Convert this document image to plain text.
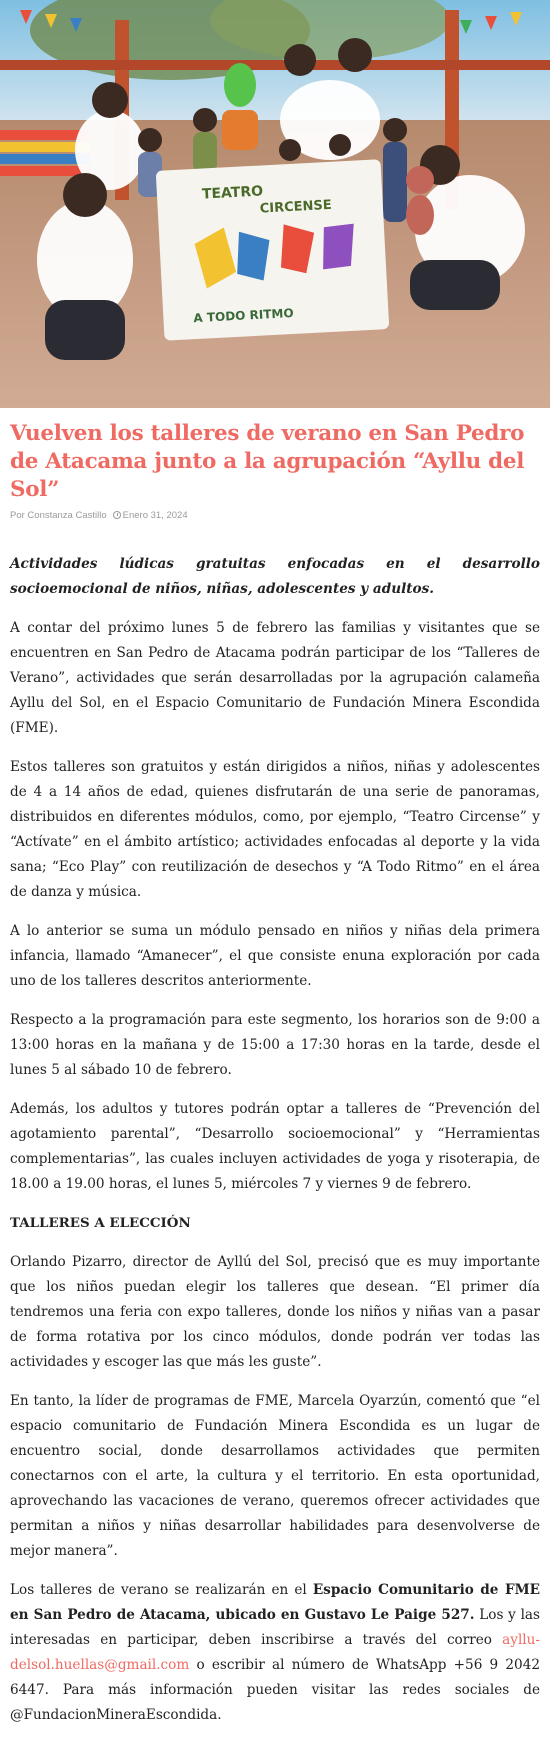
TEATRO
CIRCENSE
A TODO RITMO
Vuelven los talleres de verano en San Pedro de Atacama junto a la agrupación “Ayllu del Sol”
Por Constanza Castillo	Enero 31, 2024

Actividades lúdicas gratuitas enfocadas en el desarrollo socioemocional de niños, niñas, adolescentes y adultos.

A contar del próximo lunes 5 de febrero las familias y visitantes que se encuentren en San Pedro de Atacama podrán participar de los “Talleres de Verano”, actividades que serán desarrolladas por la agrupación calameña Ayllu del Sol, en el Espacio Comunitario de Fundación Minera Escondida (FME).

Estos talleres son gratuitos y están dirigidos a niños, niñas y adolescentes de 4 a 14 años de edad, quienes disfrutarán de una serie de panoramas, distribuidos en diferentes módulos, como, por ejemplo, “Teatro Circense” y “Actívate” en el ámbito artístico; actividades enfocadas al deporte y la vida sana; “Eco Play” con reutilización de desechos y “A Todo Ritmo” en el área de danza y música.

A lo anterior se suma un módulo pensado en niños y niñas dela primera infancia, llamado “Amanecer”, el que consiste enuna exploración por cada uno de los talleres descritos anteriormente.

Respecto a la programación para este segmento, los horarios son de 9:00 a 13:00 horas en la mañana y de 15:00 a 17:30 horas en la tarde, desde el lunes 5 al sábado 10 de febrero.

Además, los adultos y tutores podrán optar a talleres de “Prevención del agotamiento parental”, “Desarrollo socioemocional” y “Herramientas complementarias”, las cuales incluyen actividades de yoga y risoterapia, de 18.00 a 19.00 horas, el lunes 5, miércoles 7 y viernes 9 de febrero.

TALLERES A ELECCIÓN

Orlando Pizarro, director de Ayllú del Sol, precisó que es muy importante que los niños puedan elegir los talleres que desean. “El primer día tendremos una feria con expo talleres, donde los niños y niñas van a pasar de forma rotativa por los cinco módulos, donde podrán ver todas las actividades y escoger las que más les guste”.

En tanto, la líder de programas de FME, Marcela Oyarzún, comentó que “el espacio comunitario de Fundación Minera Escondida es un lugar de encuentro social, donde desarrollamos actividades que permiten conectarnos con el arte, la cultura y el territorio. En esta oportunidad, aprovechando las vacaciones de verano, queremos ofrecer actividades que permitan a niños y niñas desarrollar habilidades para desenvolverse de mejor manera”.

Los talleres de verano se realizarán en el Espacio Comunitario de FME en San Pedro de Atacama, ubicado en Gustavo Le Paige 527. Los y las interesadas en participar, deben inscribirse a través del correo aylludelsol.huellas@gmail.com o escribir al número de WhatsApp +56 9 2042 6447. Para más información pueden visitar las redes sociales de @FundacionMineraEscondida.
